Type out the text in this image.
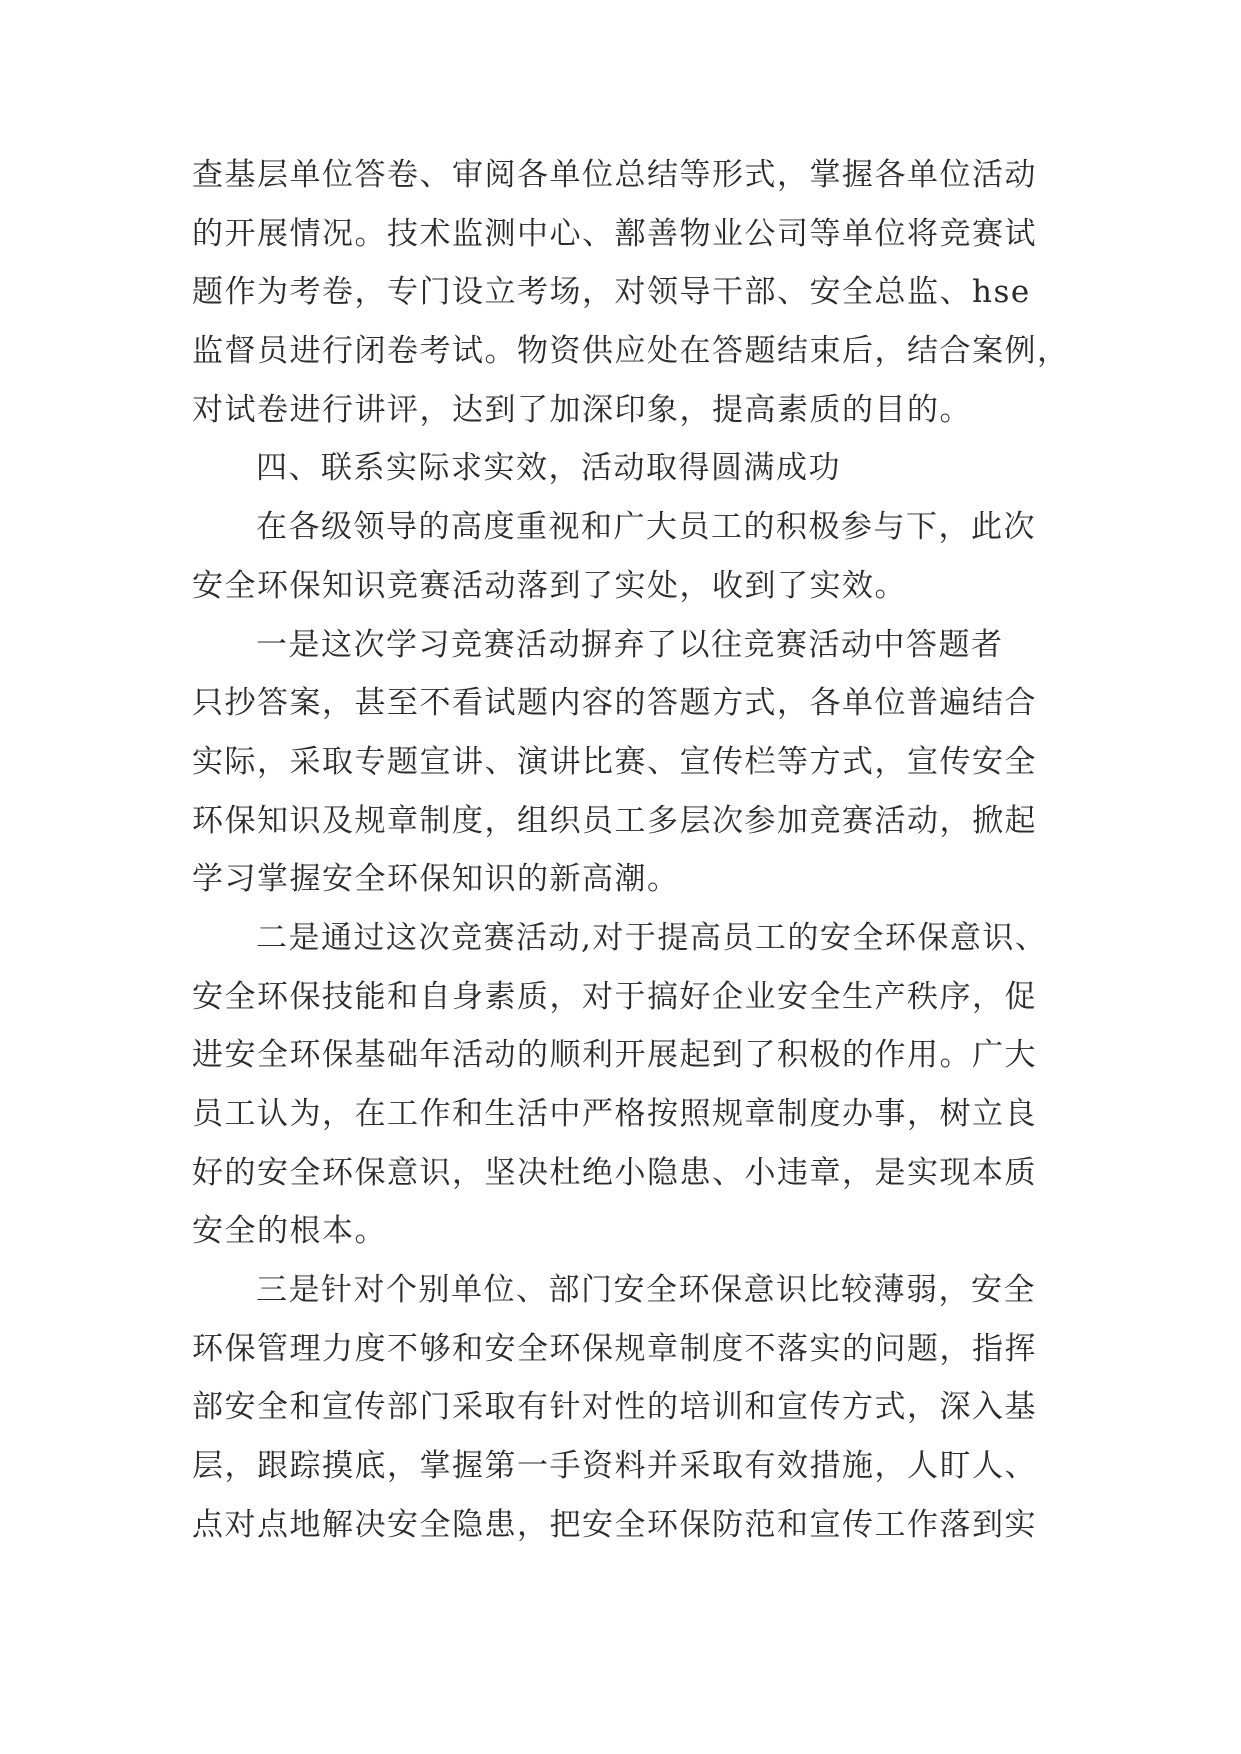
查基层单位答卷、审阅各单位总结等形式，掌握各单位活动
的开展情况。技术监测中心、鄯善物业公司等单位将竞赛试
题作为考卷，专门设立考场，对领导干部、安全总监、hse
监督员进行闭卷考试。物资供应处在答题结束后，结合案例，
对试卷进行讲评，达到了加深印象，提高素质的目的。
四、联系实际求实效，活动取得圆满成功
在各级领导的高度重视和广大员工的积极参与下，此次
安全环保知识竞赛活动落到了实处，收到了实效。
一是这次学习竞赛活动摒弃了以往竞赛活动中答题者
只抄答案，甚至不看试题内容的答题方式，各单位普遍结合
实际，采取专题宣讲、演讲比赛、宣传栏等方式，宣传安全
环保知识及规章制度，组织员工多层次参加竞赛活动，掀起
学习掌握安全环保知识的新高潮。
二是通过这次竞赛活动,对于提高员工的安全环保意识、
安全环保技能和自身素质，对于搞好企业安全生产秩序，促
进安全环保基础年活动的顺利开展起到了积极的作用。广大
员工认为，在工作和生活中严格按照规章制度办事，树立良
好的安全环保意识，坚决杜绝小隐患、小违章，是实现本质
安全的根本。
三是针对个别单位、部门安全环保意识比较薄弱，安全
环保管理力度不够和安全环保规章制度不落实的问题，指挥
部安全和宣传部门采取有针对性的培训和宣传方式，深入基
层，跟踪摸底，掌握第一手资料并采取有效措施，人盯人、
点对点地解决安全隐患，把安全环保防范和宣传工作落到实
